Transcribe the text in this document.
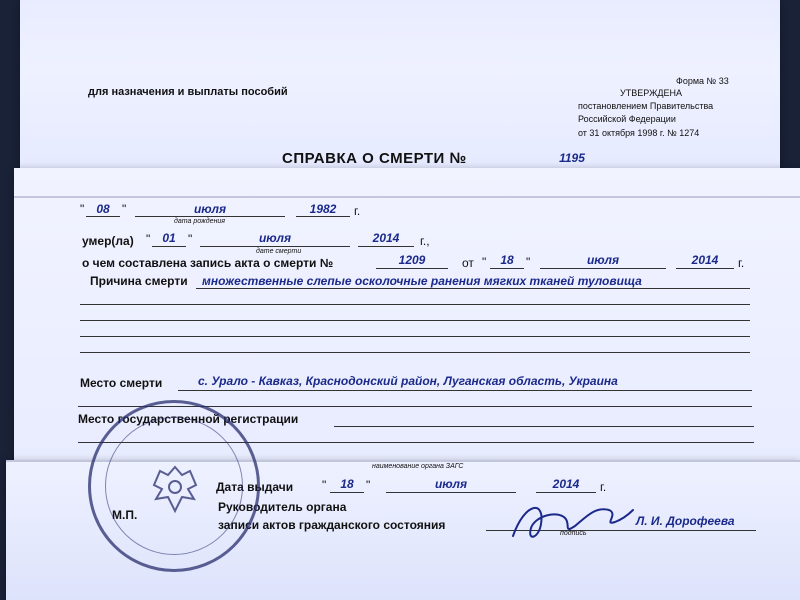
для назначения и выплаты пособий
Форма № 33
УТВЕРЖДЕНА
постановлением Правительства
Российской Федерации
от 31 октября 1998 г. № 1274
СПРАВКА О СМЕРТИ №	1195
"	08	"	июля	1982	г.
дата рождения
умер(ла) "	01	"	июля	2014	г.,
дате смерти
о чем составлена запись акта о смерти №	1209	от "	18	"	июля	2014	г.
Причина смерти множественные слепые осколочные ранения мягких тканей туловища
Место смерти	с. Урало - Кавказ, Краснодонский район, Луганская область, Украина
Место государственной регистрации
наименование органа ЗАГС
Дата выдачи "	18	"	июля	2014	г.
Руководитель органа
М.П.
записи актов гражданского состояния
подпись
Л. И. Дорофеева
